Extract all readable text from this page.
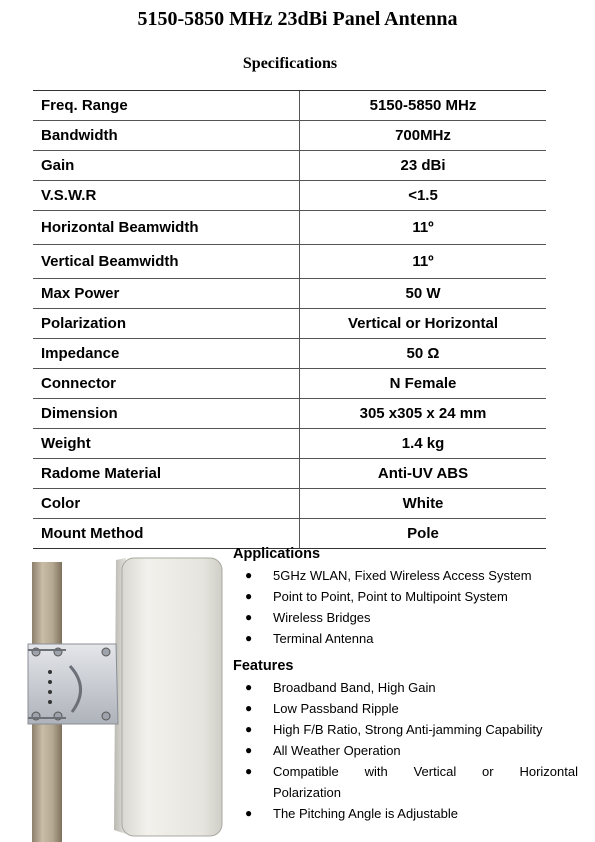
5150-5850 MHz 23dBi Panel Antenna
Specifications
Freq. Range	5150-5850 MHz
Bandwidth	700MHz
Gain	23 dBi
V.S.W.R	<1.5
Horizontal Beamwidth	11º
Vertical Beamwidth	11º
Max Power	50 W
Polarization	Vertical or Horizontal
Impedance	50 Ω
Connector	N Female
Dimension	305 x305 x 24 mm
Weight	1.4 kg
Radome Material	Anti-UV ABS
Color	White
Mount Method	Pole
Applications
● 5GHz WLAN, Fixed Wireless Access System
● Point to Point, Point to Multipoint System
● Wireless Bridges
● Terminal Antenna
Features
● Broadband Band, High Gain
● Low Passband Ripple
● High F/B Ratio, Strong Anti-jamming Capability
● All Weather Operation
● Compatible with Vertical or Horizontal
Polarization
● The Pitching Angle is Adjustable
